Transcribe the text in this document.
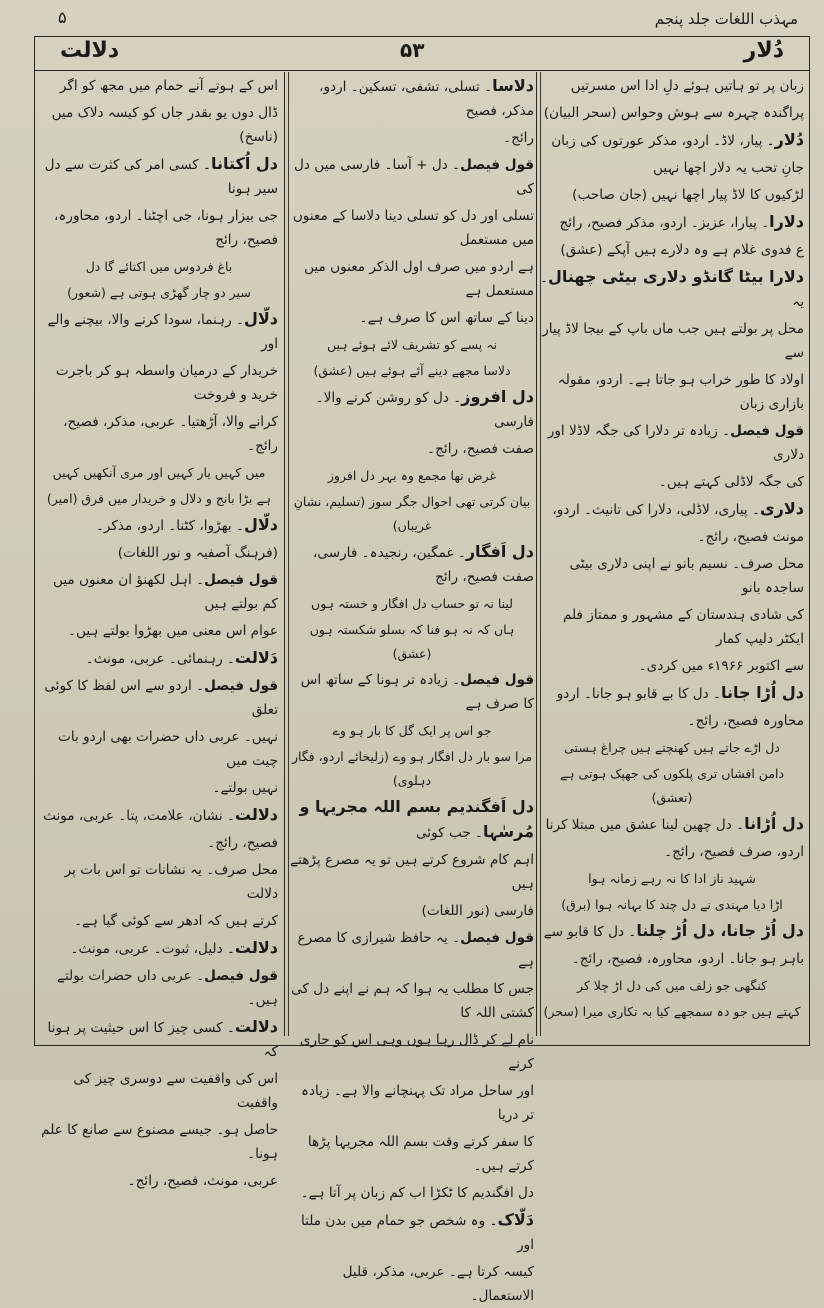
مہذب اللغات جلد پنجم
۵
دلالت	۵۳	دُلار
زبان پر تو ہاتیں ہوئے دلِ ادا اس مسرتیں
پراگندہ چہرہ سے ہوش وحواس (سحر البیان)
دُلار۔ پیار، لاڈ۔ اردو، مذکر عورتوں کی زبان
جانِ تحب یہ دلار اچھا نہیں
لڑکیوں کا لاڈ پیار اچھا نہیں (جان صاحب)
دلارا۔ پیارا، عزیز۔ اردو، مذکر فصیح، رائج
ع فدوی غلام ہے وہ دلارے ہیں آپکے (عشق)
دلارا بیٹا گانڈو دلاری بیٹی چھنال۔ یہ
محل پر بولتے ہیں جب ماں باپ کے بیجا لاڈ پیار سے
اولاد کا طور خراب ہو جاتا ہے۔ اردو، مقولہ بازاری زبان
قول فیصل۔ زیادہ تر دلارا کی جگہ لاڈلا اور دلاری
کی جگہ لاڈلی کہتے ہیں۔
دلاری۔ پیاری، لاڈلی، دلارا کی تانیث۔ اردو،
مونث فصیح، رائج۔
محل صرف۔ نسیم بانو نے اپنی دلاری بیٹی ساجدہ بانو
کی شادی ہندستان کے مشہور و ممتاز فلم ایکٹر دلیپ کمار
سے اکتوبر ۱۹۶۶ء میں کردی۔
دل اُڑا جانا۔ دل کا بے قابو ہو جانا۔ اردو
محاورہ فصیح، رائج۔
دل اڑے جاتے ہیں کھنچتے ہیں چراغ ہستی
دامن افشاں تری پلکوں کی جھپک ہوتی ہے (تعشق)
دل اُڑانا۔ دل چھین لینا عشق میں مبتلا کرنا
اردو، صرف فصیح، رائج۔
شہید ناز ادا کا نہ رہے زمانہ ہوا
اڑا دیا مہندی نے دل چند کا بہانہ ہوا (برق)
دل اُڑ جانا، دل اُڑ چلنا۔ دل کا قابو سے
باہر ہو جانا۔ اردو، محاورہ، فصیح، رائج۔
کنگھی جو زلف میں کی دل اڑ چلا کر
کہتے ہیں جو دہ سمجھے کیا بہ تکاری میرا (سحر)
دلاسا۔ تسلی، تشفی، تسکین۔ اردو، مذکر، فصیح
رائج۔
قول فیصل۔ دل + آسا۔ فارسی میں دل کی
تسلی اور دل کو تسلی دینا دلاسا کے معنوں میں مستعمل
ہے اردو میں صرف اول الذکر معنوں میں مستعمل ہے
دینا کے ساتھ اس کا صرف ہے۔
نہ پسے کو تشریف لائے ہوئے ہیں
دلاسا مجھے دینے آئے ہوئے ہیں (عشق)
دل افروز۔ دل کو روشن کرنے والا۔ فارسی
صفت فصیح، رائج۔
غرض تھا مجمع وہ بہر دل افروز
بیان کرتی تھی احوال جگر سوز (تسلیم، نشانِ غریباں)
دل اَفگار۔ غمگین، رنجیدہ۔ فارسی، صفت فصیح، رائج
لینا نہ تو حساب دل افگار و خستہ ہوں
ہاں کہ نہ ہو فنا کہ بسلو شکستہ ہوں (عشق)
قول فیصل۔ زیادہ تر ہونا کے ساتھ اس کا صرف ہے
جو اس پر ایک گل کا بار ہو وے
مرا سو بار دل افگار ہو وے (زلیخائے اردو، فگار دہلوی)
دل اَفگندیم بسم اللہ مجریہا و مُرسٰہا۔ جب کوئی
اہم کام شروع کرتے ہیں تو یہ مصرع پڑھتے ہیں
فارسی (نور اللغات)
قول فیصل۔ یہ حافظ شیرازی کا مصرع ہے
جس کا مطلب یہ ہوا کہ ہم نے اپنے دل کی کشتی اللہ کا
نام لے کر ڈال رہا ہوں وہی اس کو جاری کرنے
اور ساحل مراد تک پہنچانے والا ہے۔ زیادہ تر دریا
کا سفر کرتے وقت بسم اللہ مجریہا پڑھا کرتے ہیں۔
دل افگندیم کا ٹکڑا اب کم زبان پر آتا ہے۔
دَلّاک۔ وہ شخص جو حمام میں بدن ملتا اور
کیسہ کرتا ہے۔ عربی، مذکر، قلیل الاستعمال۔
اس کے ہوتے آنے حمام میں مجھ کو اگر
ڈال دوں یو بقدر جاں کو کیسہ دلاک میں (ناسخ)
دل اُکتانا۔ کسی امر کی کثرت سے دل سیر ہونا
جی بیزار ہونا، جی اچٹنا۔ اردو، محاورہ، فصیح، رائج
باغ فردوس میں اکتائے گا دل
سیر دو چار گھڑی ہوتی ہے (شعور)
دلّال۔ رہنما، سودا کرنے والا، بیچنے والے اور
خریدار کے درمیان واسطہ ہو کر باجرت خرید و فروخت
کرانے والا، آڑھتیا۔ عربی، مذکر، فصیح، رائج۔
میں کہیں یار کہیں اور مری آنکھیں کہیں
ہے بڑا بانج و دلال و خریدار میں فرق (امیر)
دلّال۔ بھڑوا، کٹنا۔ اردو، مذکر۔
(فرہنگ آصفیہ و نور اللغات)
قول فیصل۔ اہل لکھنؤ ان معنوں میں کم بولتے ہیں
عوام اس معنی میں بھڑوا بولتے ہیں۔
دَلالت۔ رہنمائی۔ عربی، مونث۔
قول فیصل۔ اردو سے اس لفظ کا کوئی تعلق
نہیں۔ عربی داں حضرات بھی اردو بات چیت میں
نہیں بولتے۔
دلالت۔ نشان، علامت، پتا۔ عربی، مونث
فصیح، رائج۔
محل صرف۔ یہ نشانات تو اس بات پر دلالت
کرتے ہیں کہ ادھر سے کوئی گیا ہے۔
دلالت۔ دلیل، ثبوت۔ عربی، مونث۔
قول فیصل۔ عربی داں حضرات بولتے ہیں۔
دلالت۔ کسی چیز کا اس حیثیت پر ہونا کہ
اس کی واقفیت سے دوسری چیز کی واقفیت
حاصل ہو۔ جیسے مصنوع سے صانع کا علم ہونا۔
عربی، مونث، فصیح، رائج۔
